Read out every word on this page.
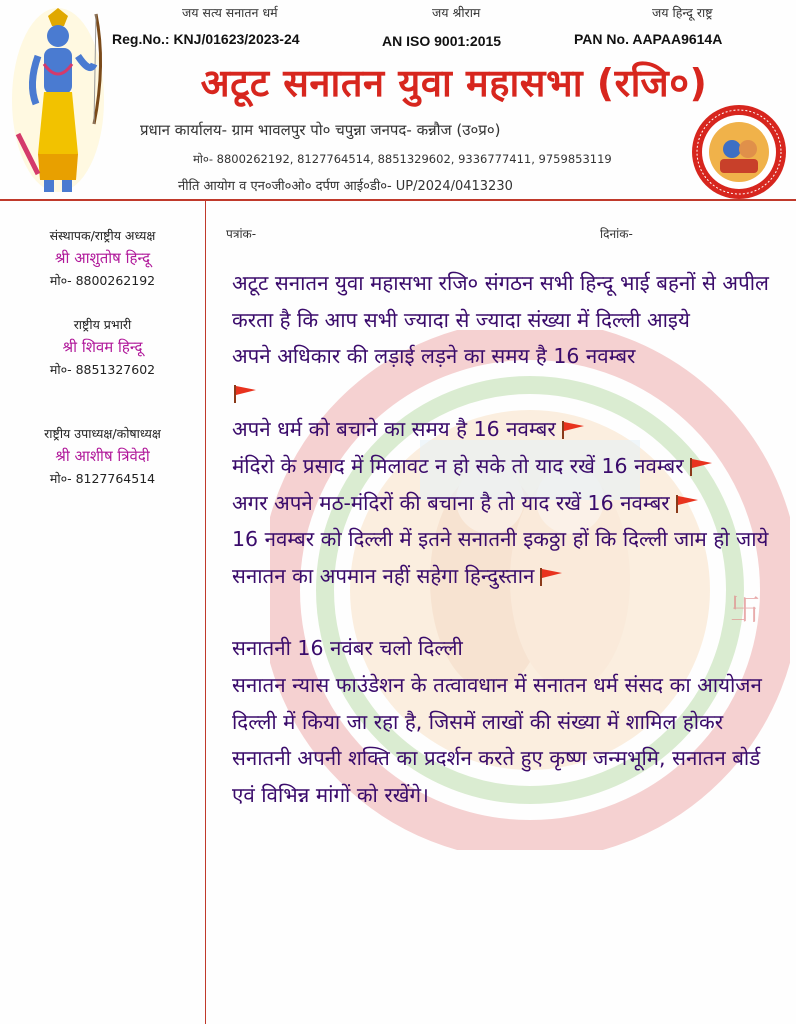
जय सत्य सनातन धर्म	जय श्रीराम	जय हिन्दू राष्ट्र
Reg.No.: KNJ/01623/2023-24	AN ISO 9001:2015	PAN No. AAPAA9614A
अटूट सनातन युवा महासभा (रजि०)
प्रधान कार्यालय- ग्राम भावलपुर पो० चपुन्ना जनपद- कन्नौज (उ०प्र०)
मो०- 8800262192, 8127764514, 8851329602, 9336777411, 9759853119
नीति आयोग व एन०जी०ओ० दर्पण आई०डी०- UP/2024/0413230
卐
संस्थापक/राष्ट्रीय अध्यक्ष
श्री आशुतोष हिन्दू
मो०- 8800262192
राष्ट्रीय प्रभारी
श्री शिवम हिन्दू
मो०- 8851327602
राष्ट्रीय उपाध्यक्ष/कोषाध्यक्ष
श्री आशीष त्रिवेदी
मो०- 8127764514
पत्रांक-	दिनांक-

अटूट सनातन युवा महासभा रजि० संगठन सभी हिन्दू भाई बहनों से अपील करता है कि आप सभी ज्यादा से ज्यादा संख्या में दिल्ली आइये

अपने अधिकार की लड़ाई लड़ने का समय है 16 नवम्बर

अपने धर्म को बचाने का समय है 16 नवम्बर

मंदिरो के प्रसाद में मिलावट न हो सके तो याद रखें 16 नवम्बर

अगर अपने मठ-मंदिरों की बचाना है तो याद रखें 16 नवम्बर

16 नवम्बर को दिल्ली में इतने सनातनी इकठ्ठा हों कि दिल्ली जाम हो जाये

सनातन का अपमान नहीं सहेगा हिन्दुस्तान

सनातनी 16 नवंबर चलो दिल्ली

सनातन न्यास फाउंडेशन के तत्वावधान में सनातन धर्म संसद का आयोजन दिल्ली में किया जा रहा है, जिसमें लाखों की संख्या में शामिल होकर सनातनी अपनी शक्ति का प्रदर्शन करते हुए कृष्ण जन्मभूमि, सनातन बोर्ड एवं विभिन्न मांगों को रखेंगे।
